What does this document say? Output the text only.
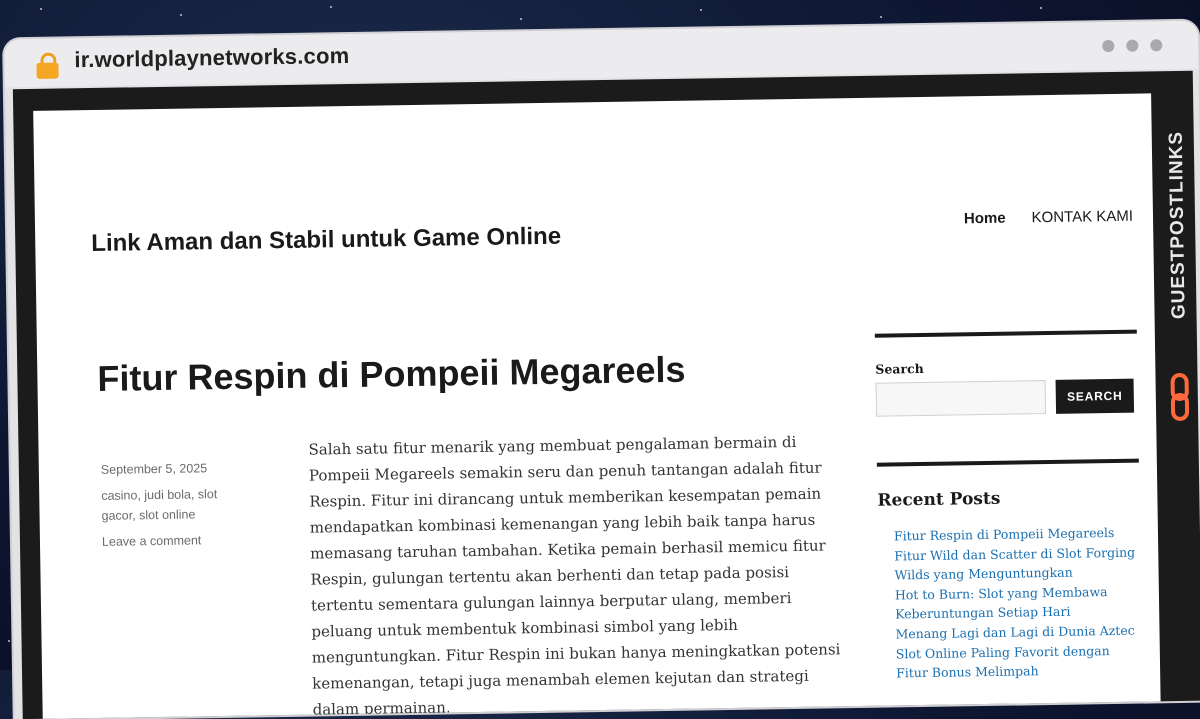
ir.worldplaynetworks.com
Link Aman dan Stabil untuk Game Online
Home KONTAK KAMI
Fitur Respin di Pompeii Megareels
September 5, 2025
casino, judi bola, slot gacor, slot online
Leave a comment
Salah satu fitur menarik yang membuat pengalaman bermain di Pompeii Megareels semakin seru dan penuh tantangan adalah fitur Respin. Fitur ini dirancang untuk memberikan kesempatan pemain mendapatkan kombinasi kemenangan yang lebih baik tanpa harus memasang taruhan tambahan. Ketika pemain berhasil memicu fitur Respin, gulungan tertentu akan berhenti dan tetap pada posisi tertentu sementara gulungan lainnya berputar ulang, memberi peluang untuk membentuk kombinasi simbol yang lebih menguntungkan. Fitur Respin ini bukan hanya meningkatkan potensi kemenangan, tetapi juga menambah elemen kejutan dan strategi dalam permainan,
Search
SEARCH
Recent Posts
Fitur Respin di Pompeii Megareels
Fitur Wild dan Scatter di Slot Forging Wilds yang Menguntungkan
Hot to Burn: Slot yang Membawa Keberuntungan Setiap Hari
Menang Lagi dan Lagi di Dunia Aztec
Slot Online Paling Favorit dengan Fitur Bonus Melimpah
GUESTPOSTLINKS
